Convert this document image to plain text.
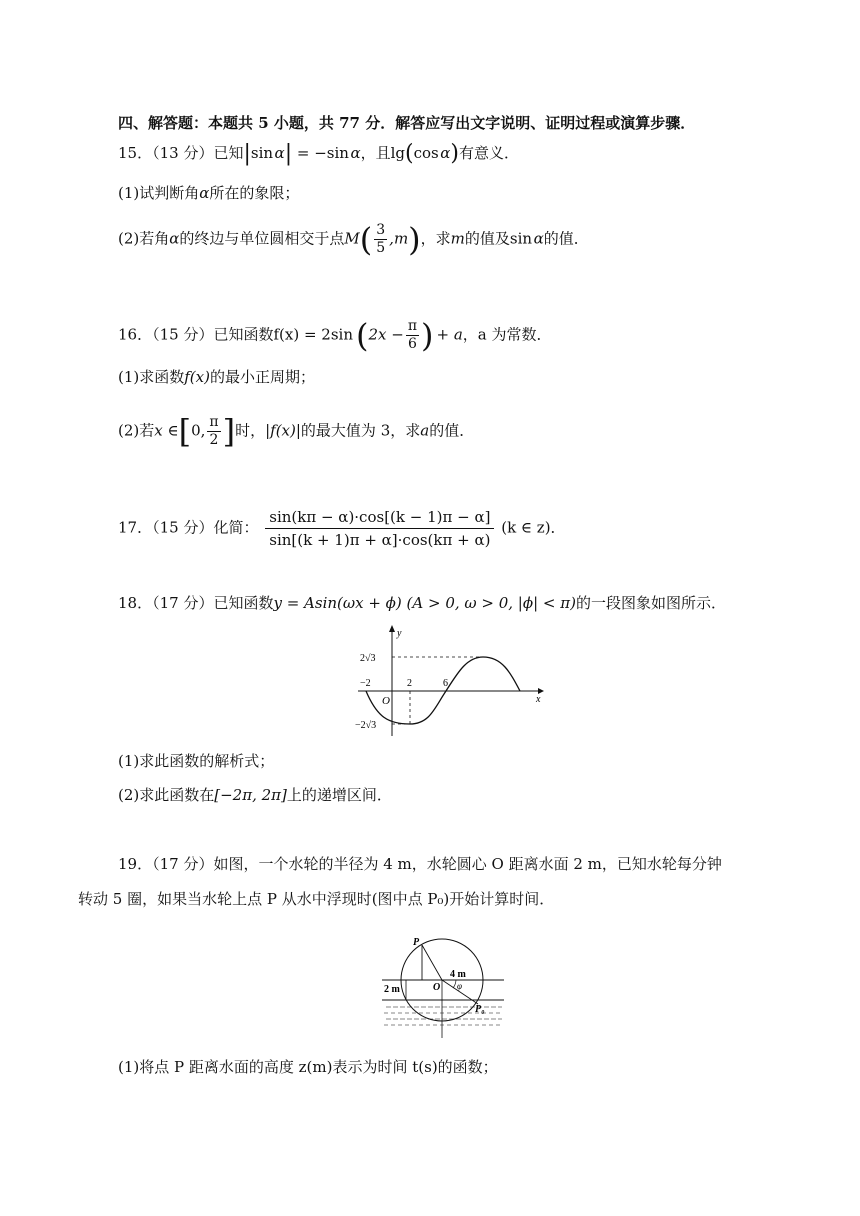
四、解答题：本题共 5 小题，共 77 分．解答应写出文字说明、证明过程或演算步骤．
15．（13 分）已知|sin  α| = −sin  α，且lg(cos  α)有意义．
(1)试判断角α所在的象限；
(2)若角α的终边与单位圆相交于点$M( \frac{3}{5} ,m)$，求m的值及sin  α的值．
16．（15 分）已知函数f(x) = 2sin ($2x - \frac{\pi}{6}$ )  + a，a 为常数．
(1)求函数f(x)的最小正周期；
(2)若x ∈[0, $\frac{\pi}{2}$ ]时，|f(x)|的最大值为 3，求a的值．
17．（15 分）化简： $\frac{\sin(k\pi - \alpha)\cdot\cos[(k - 1)\pi - \alpha]}{\sin[(k + 1)\pi + \alpha]\cdot\cos(k\pi + \alpha)} (k$ ∈ z)．
18．（17 分）已知函数y = Asin(ωx + ϕ) (A > 0, ω > 0, |ϕ| < π)的一段图象如图所示．
y
x
O
2√3
−2√3
−2	2	6
(1)求此函数的解析式；
(2)求此函数在[−2π, 2π]上的递增区间．
19．（17 分）如图，一个水轮的半径为 4 m，水轮圆心 O 距离水面 2 m，已知水轮每分钟
转动 5 圈，如果当水轮上点 P 从水中浮现时(图中点 P₀)开始计算时间．
P
O
4 m
2 m	φ
P₀
(1)将点 P 距离水面的高度 z(m)表示为时间 t(s)的函数；
